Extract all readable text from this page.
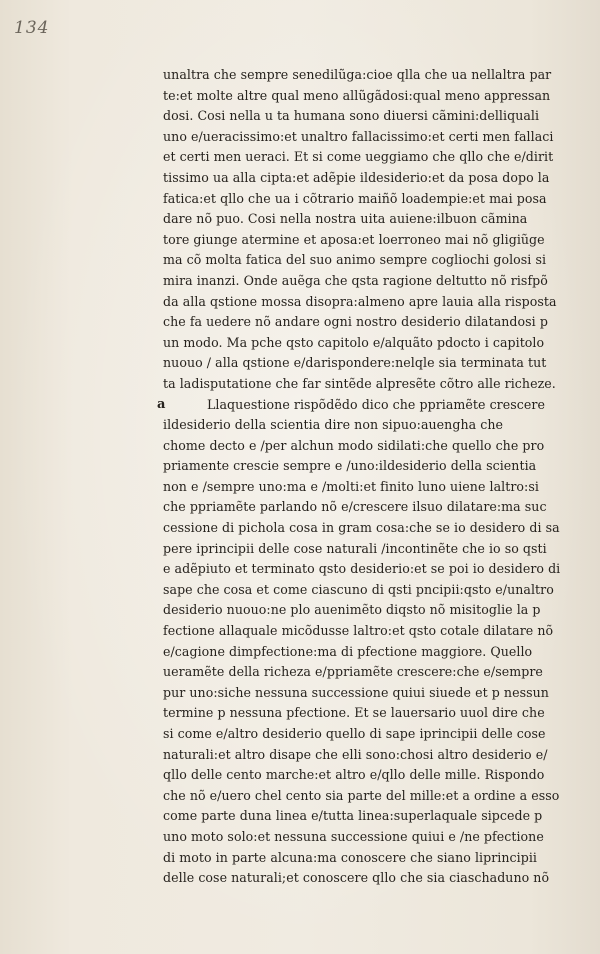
134
unaltra che sempre senedilũga:cioe qlla che ua nellaltra par
te:et molte altre qual meno allũgãdosi:qual meno appressan
dosi. Cosi nella u ta humana sono diuersi cãmini:delliquali
uno e/ueracissimo:et unaltro fallacissimo:et certi men fallaci
et certi men ueraci. Et si come ueggiamo che qllo che e/dirit
tissimo ua alla cipta:et adẽpie ildesiderio:et da posa dopo la
fatica:et qllo che ua i cõtrario maiñõ loadempie:et mai posa
dare nõ puo. Cosi nella nostra uita auiene:ilbuon cãmina
tore giunge atermine et aposa:et loerroneo mai nõ gligiũge
ma cõ molta fatica del suo animo sempre cogliochi golosi si
mira inanzi. Onde auẽga che qsta ragione deltutto nõ risfpõ
da alla qstione mossa disopra:almeno apre lauia alla risposta
che fa uedere nõ andare ogni nostro desiderio dilatandosi p
un modo. Ma pche qsto capitolo e/alquãto pdocto i capitolo
nuouo / alla qstione e/darispondere:nelqle sia terminata tut
ta ladisputatione che far sintẽde alpresẽte cõtro alle richeze.
a	Llaquestione rispõdẽdo dico che ppriamẽte crescere
ildesiderio della scientia dire non sipuo:auengha che
chome decto e /per alchun modo sidilati:che quello che pro
priamente crescie sempre e /uno:ildesiderio della scientia
non e /sempre uno:ma e /molti:et finito luno uiene laltro:si
che ppriamẽte parlando nõ e/crescere ilsuo dilatare:ma suc
cessione di pichola cosa in gram cosa:che se io desidero di sa
pere iprincipii delle cose naturali /incontinẽte che io so qsti
e adẽpiuto et terminato qsto desiderio:et se poi io desidero di
sape che cosa et come ciascuno di qsti pncipii:qsto e/unaltro
desiderio nuouo:ne plo auenimẽto diqsto nõ misitoglie la p
fectione allaquale micõdusse laltro:et qsto cotale dilatare nõ
e/cagione dimpfectione:ma di pfectione maggiore. Quello
ueramẽte della richeza e/ppriamẽte crescere:che e/sempre
pur uno:siche nessuna successione quiui siuede et p nessun
termine p nessuna pfectione. Et se lauersario uuol dire che
si come e/altro desiderio quello di sape iprincipii delle cose
naturali:et altro disape che elli sono:chosi altro desiderio e/
qllo delle cento marche:et altro e/qllo delle mille. Rispondo
che nõ e/uero chel cento sia parte del mille:et a ordine a esso
come parte duna linea e/tutta linea:superlaquale sipcede p
uno moto solo:et nessuna successione quiui e /ne pfectione
di moto in parte alcuna:ma conoscere che siano liprincipii
delle cose naturali;et conoscere qllo che sia ciaschaduno nõ
